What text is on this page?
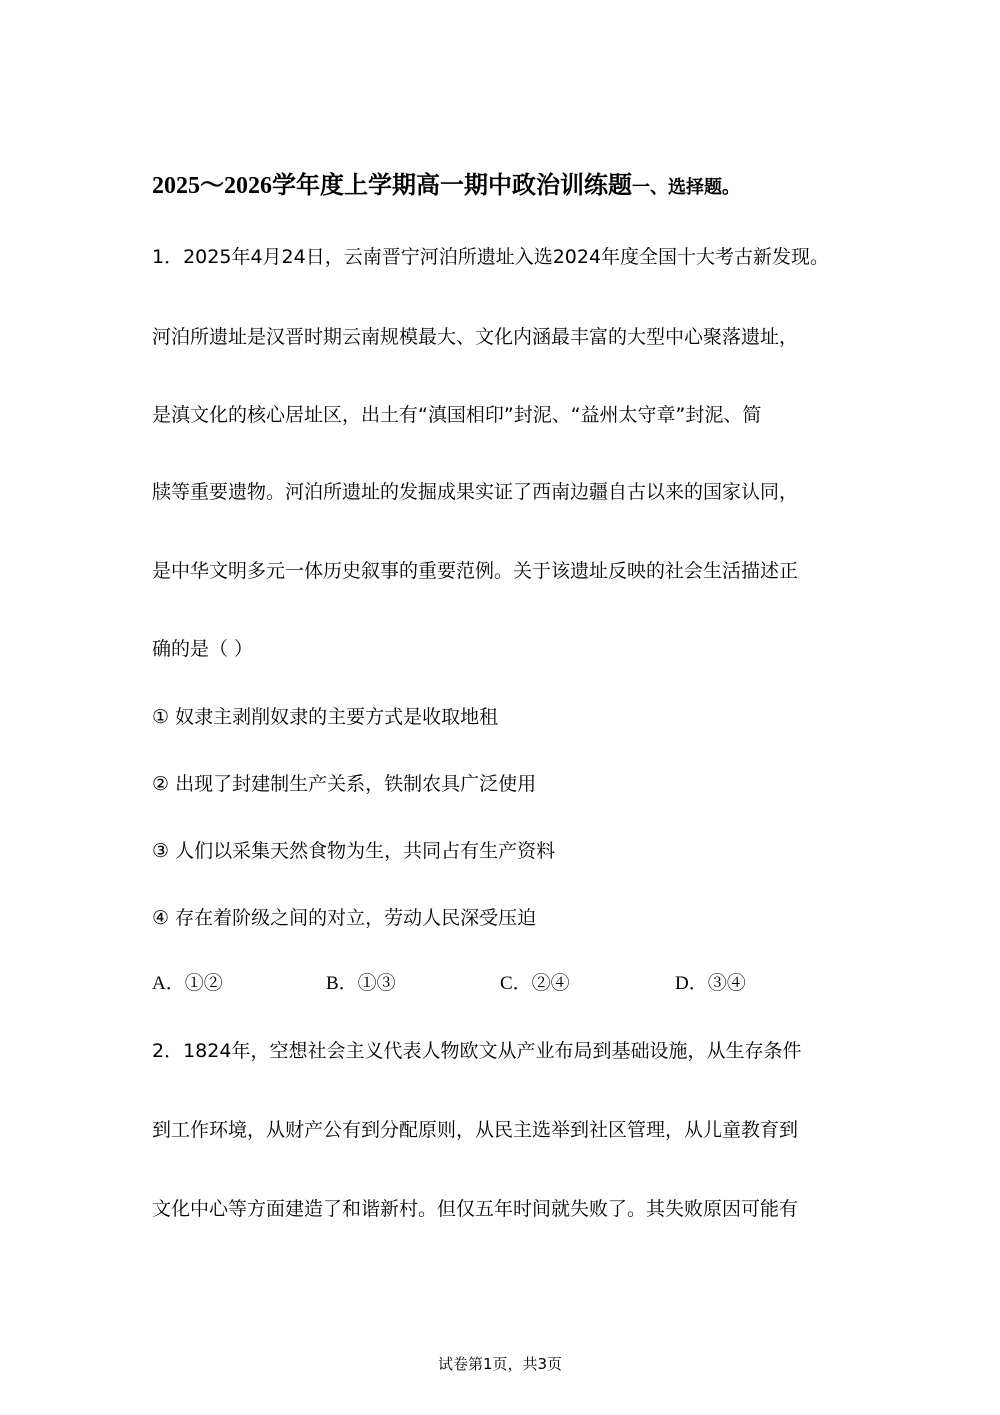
2025～2026学年度上学期高一期中政治训练题一、选择题。
1．2025年4月24日，云南晋宁河泊所遗址入选2024年度全国十大考古新发现。
河泊所遗址是汉晋时期云南规模最大、文化内涵最丰富的大型中心聚落遗址，
是滇文化的核心居址区，出土有“滇国相印”封泥、“益州太守章”封泥、简
牍等重要遗物。河泊所遗址的发掘成果实证了西南边疆自古以来的国家认同，
是中华文明多元一体历史叙事的重要范例。关于该遗址反映的社会生活描述正
确的是（ ）
① 奴隶主剥削奴隶的主要方式是收取地租
② 出现了封建制生产关系，铁制农具广泛使用
③ 人们以采集天然食物为生，共同占有生产资料
④ 存在着阶级之间的对立，劳动人民深受压迫
A．①②	B．①③	C．②④	D．③④
2．1824年，空想社会主义代表人物欧文从产业布局到基础设施，从生存条件
到工作环境，从财产公有到分配原则，从民主选举到社区管理，从儿童教育到
文化中心等方面建造了和谐新村。但仅五年时间就失败了。其失败原因可能有
试卷第1页，共3页
